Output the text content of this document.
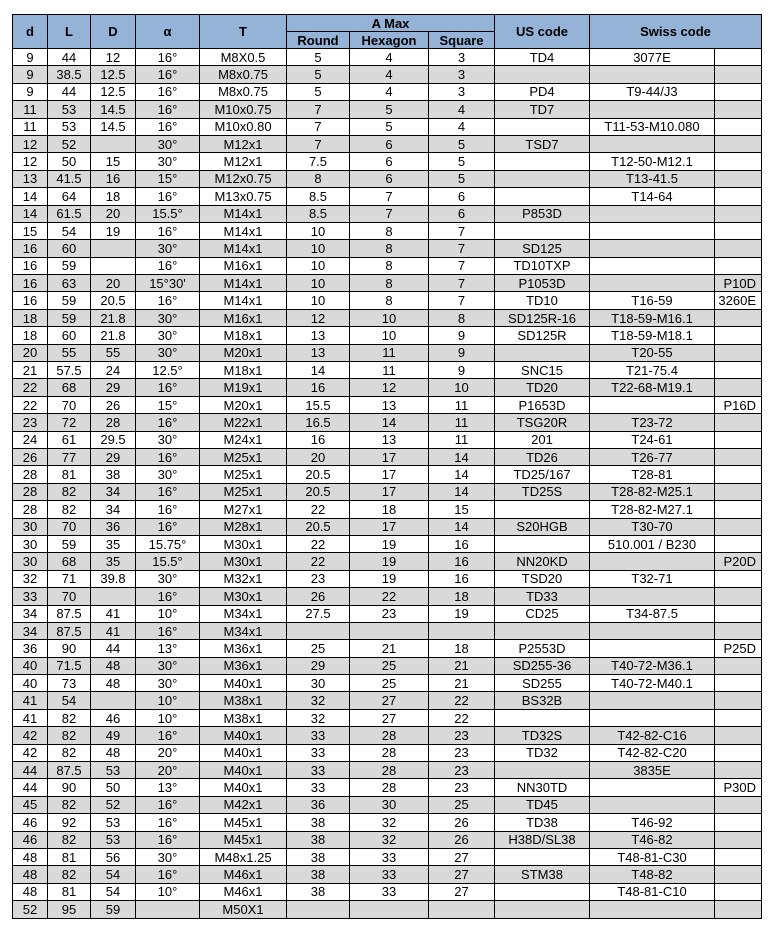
d	L	D	α	T	A Max			US code	Swiss code	
					Round	Hexagon	Square			
9	44	12	16°	M8X0.5	5	4	3	TD4	3077E	
9	38.5	12.5	16°	M8x0.75	5	4	3			
9	44	12.5	16°	M8x0.75	5	4	3	PD4	T9-44/J3	
11	53	14.5	16°	M10x0.75	7	5	4	TD7		
11	53	14.5	16°	M10x0.80	7	5	4		T11-53-M10.080	
12	52		30°	M12x1	7	6	5	TSD7		
12	50	15	30°	M12x1	7.5	6	5		T12-50-M12.1	
13	41.5	16	15°	M12x0.75	8	6	5		T13-41.5	
14	64	18	16°	M13x0.75	8.5	7	6		T14-64	
14	61.5	20	15.5°	M14x1	8.5	7	6	P853D		
15	54	19	16°	M14x1	10	8	7			
16	60		30°	M14x1	10	8	7	SD125		
16	59		16°	M16x1	10	8	7	TD10TXP		
16	63	20	15°30'	M14x1	10	8	7	P1053D		P10D
16	59	20.5	16°	M14x1	10	8	7	TD10	T16-59	3260E
18	59	21.8	30°	M16x1	12	10	8	SD125R-16	T18-59-M16.1	
18	60	21.8	30°	M18x1	13	10	9	SD125R	T18-59-M18.1	
20	55	55	30°	M20x1	13	11	9		T20-55	
21	57.5	24	12.5°	M18x1	14	11	9	SNC15	T21-75.4	
22	68	29	16°	M19x1	16	12	10	TD20	T22-68-M19.1	
22	70	26	15°	M20x1	15.5	13	11	P1653D		P16D
23	72	28	16°	M22x1	16.5	14	11	TSG20R	T23-72	
24	61	29.5	30°	M24x1	16	13	11	201	T24-61	
26	77	29	16°	M25x1	20	17	14	TD26	T26-77	
28	81	38	30°	M25x1	20.5	17	14	TD25/167	T28-81	
28	82	34	16°	M25x1	20.5	17	14	TD25S	T28-82-M25.1	
28	82	34	16°	M27x1	22	18	15		T28-82-M27.1	
30	70	36	16°	M28x1	20.5	17	14	S20HGB	T30-70	
30	59	35	15.75°	M30x1	22	19	16		510.001 / B230	
30	68	35	15.5°	M30x1	22	19	16	NN20KD		P20D
32	71	39.8	30°	M32x1	23	19	16	TSD20	T32-71	
33	70		16°	M30x1	26	22	18	TD33		
34	87.5	41	10°	M34x1	27.5	23	19	CD25	T34-87.5	
34	87.5	41	16°	M34x1						
36	90	44	13°	M36x1	25	21	18	P2553D		P25D
40	71.5	48	30°	M36x1	29	25	21	SD255-36	T40-72-M36.1	
40	73	48	30°	M40x1	30	25	21	SD255	T40-72-M40.1	
41	54		10°	M38x1	32	27	22	BS32B		
41	82	46	10°	M38x1	32	27	22			
42	82	49	16°	M40x1	33	28	23	TD32S	T42-82-C16	
42	82	48	20°	M40x1	33	28	23	TD32	T42-82-C20	
44	87.5	53	20°	M40x1	33	28	23		3835E	
44	90	50	13°	M40x1	33	28	23	NN30TD		P30D
45	82	52	16°	M42x1	36	30	25	TD45		
46	92	53	16°	M45x1	38	32	26	TD38	T46-92	
46	82	53	16°	M45x1	38	32	26	H38D/SL38	T46-82	
48	81	56	30°	M48x1.25	38	33	27		T48-81-C30	
48	82	54	16°	M46x1	38	33	27	STM38	T48-82	
48	81	54	10°	M46x1	38	33	27		T48-81-C10	
52	95	59		M50X1						
